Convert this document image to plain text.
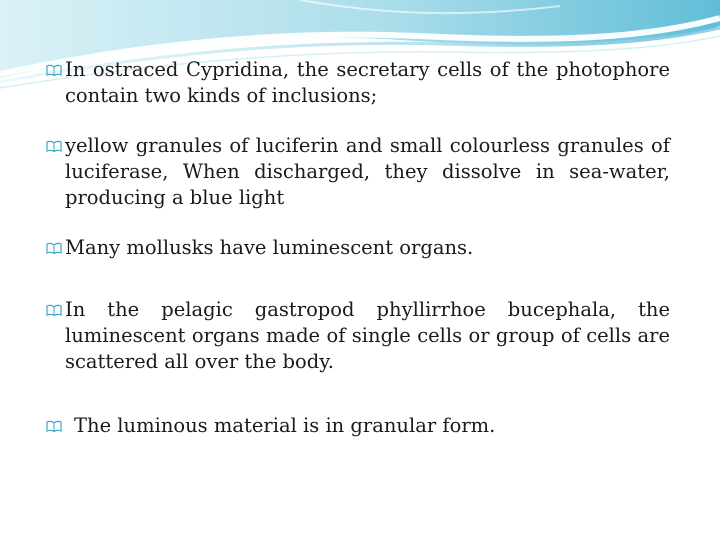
In ostraced Cypridina, the secretary cells of the photophore contain two kinds of inclusions;
yellow granules of luciferin and small colourless granules of luciferase, When discharged, they dissolve in sea-water, producing a blue light
Many mollusks have luminescent organs.
In the pelagic gastropod phyllirrhoe bucephala, the luminescent organs made of single cells or group of cells are scattered all over the body.
The luminous material is in granular form.
